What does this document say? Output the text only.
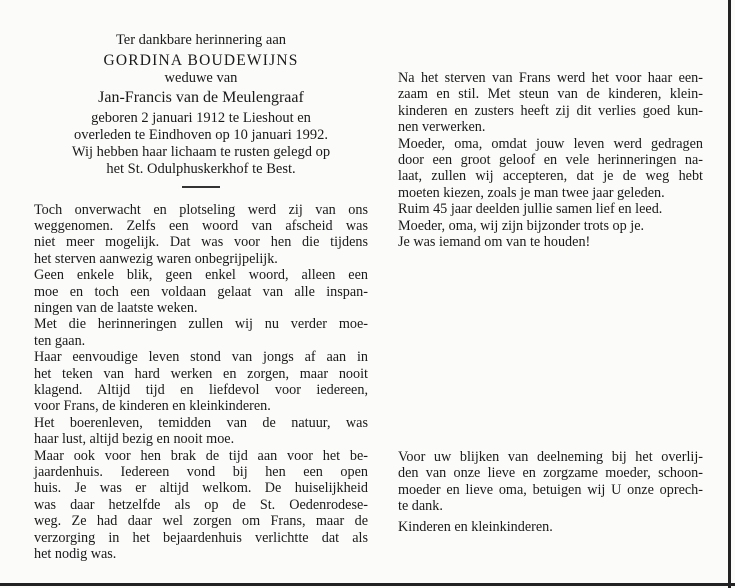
Ter dankbare herinnering aan
GORDINA BOUDEWIJNS
weduwe van
Jan-Francis van de Meulengraaf
geboren 2 januari 1912 te Lieshout en
overleden te Eindhoven op 10 januari 1992.
Wij hebben haar lichaam te rusten gelegd op
het St. Odulphuskerkhof te Best.
Toch onverwacht en plotseling werd zij van ons
weggenomen. Zelfs een woord van afscheid was
niet meer mogelijk. Dat was voor hen die tijdens
het sterven aanwezig waren onbegrijpelijk.
Geen enkele blik, geen enkel woord, alleen een
moe en toch een voldaan gelaat van alle inspan-
ningen van de laatste weken.
Met die herinneringen zullen wij nu verder moe-
ten gaan.
Haar eenvoudige leven stond van jongs af aan in
het teken van hard werken en zorgen, maar nooit
klagend. Altijd tijd en liefdevol voor iedereen,
voor Frans, de kinderen en kleinkinderen.
Het boerenleven, temidden van de natuur, was
haar lust, altijd bezig en nooit moe.
Maar ook voor hen brak de tijd aan voor het be-
jaardenhuis. Iedereen vond bij hen een open
huis. Je was er altijd welkom. De huiselijkheid
was daar hetzelfde als op de St. Oedenrodese-
weg. Ze had daar wel zorgen om Frans, maar de
verzorging in het bejaardenhuis verlichtte dat als
het nodig was.
Na het sterven van Frans werd het voor haar een-
zaam en stil. Met steun van de kinderen, klein-
kinderen en zusters heeft zij dit verlies goed kun-
nen verwerken.
Moeder, oma, omdat jouw leven werd gedragen
door een groot geloof en vele herinneringen na-
laat, zullen wij accepteren, dat je de weg hebt
moeten kiezen, zoals je man twee jaar geleden.
Ruim 45 jaar deelden jullie samen lief en leed.
Moeder, oma, wij zijn bijzonder trots op je.
Je was iemand om van te houden!
Voor uw blijken van deelneming bij het overlij-
den van onze lieve en zorgzame moeder, schoon-
moeder en lieve oma, betuigen wij U onze oprech-
te dank.
Kinderen en kleinkinderen.
